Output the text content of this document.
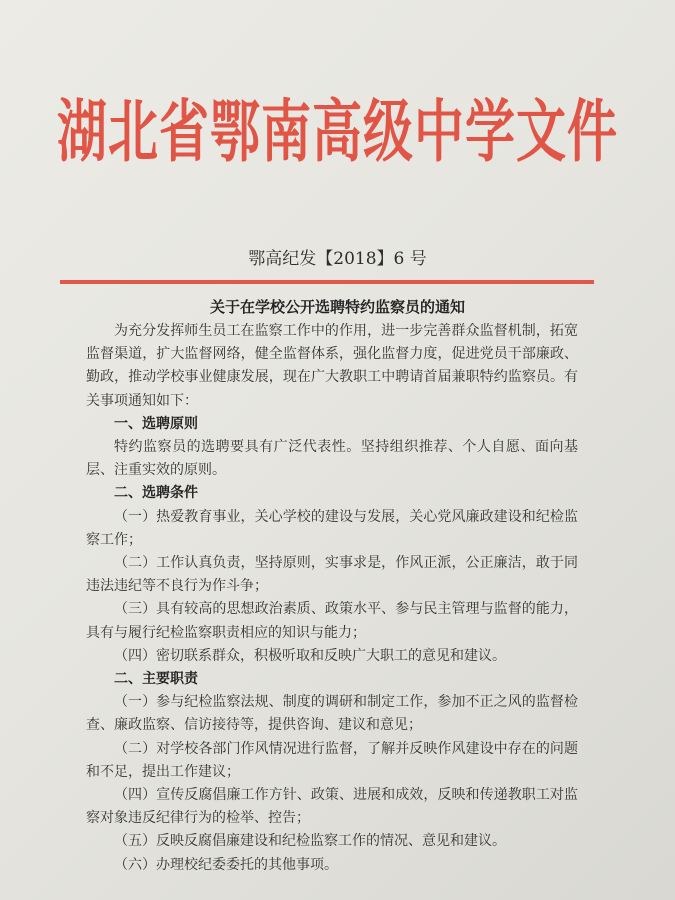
湖北省鄂南高级中学文件
鄂高纪发【2018】6 号
关于在学校公开选聘特约监察员的通知

为充分发挥师生员工在监察工作中的作用，进一步完善群众监督机制，拓宽监督渠道，扩大监督网络，健全监督体系，强化监督力度，促进党员干部廉政、勤政，推动学校事业健康发展，现在广大教职工中聘请首届兼职特约监察员。有关事项通知如下：

一、选聘原则

特约监察员的选聘要具有广泛代表性。坚持组织推荐、个人自愿、面向基层、注重实效的原则。

二、选聘条件

（一）热爱教育事业，关心学校的建设与发展，关心党风廉政建设和纪检监察工作；

（二）工作认真负责，坚持原则，实事求是，作风正派，公正廉洁，敢于同违法违纪等不良行为作斗争；

（三）具有较高的思想政治素质、政策水平、参与民主管理与监督的能力，具有与履行纪检监察职责相应的知识与能力；

（四）密切联系群众，积极听取和反映广大职工的意见和建议。

二、主要职责

（一）参与纪检监察法规、制度的调研和制定工作，参加不正之风的监督检查、廉政监察、信访接待等，提供咨询、建议和意见；

（二）对学校各部门作风情况进行监督，了解并反映作风建设中存在的问题和不足，提出工作建议；

（四）宣传反腐倡廉工作方针、政策、进展和成效，反映和传递教职工对监察对象违反纪律行为的检举、控告；

（五）反映反腐倡廉建设和纪检监察工作的情况、意见和建议。

（六）办理校纪委委托的其他事项。
